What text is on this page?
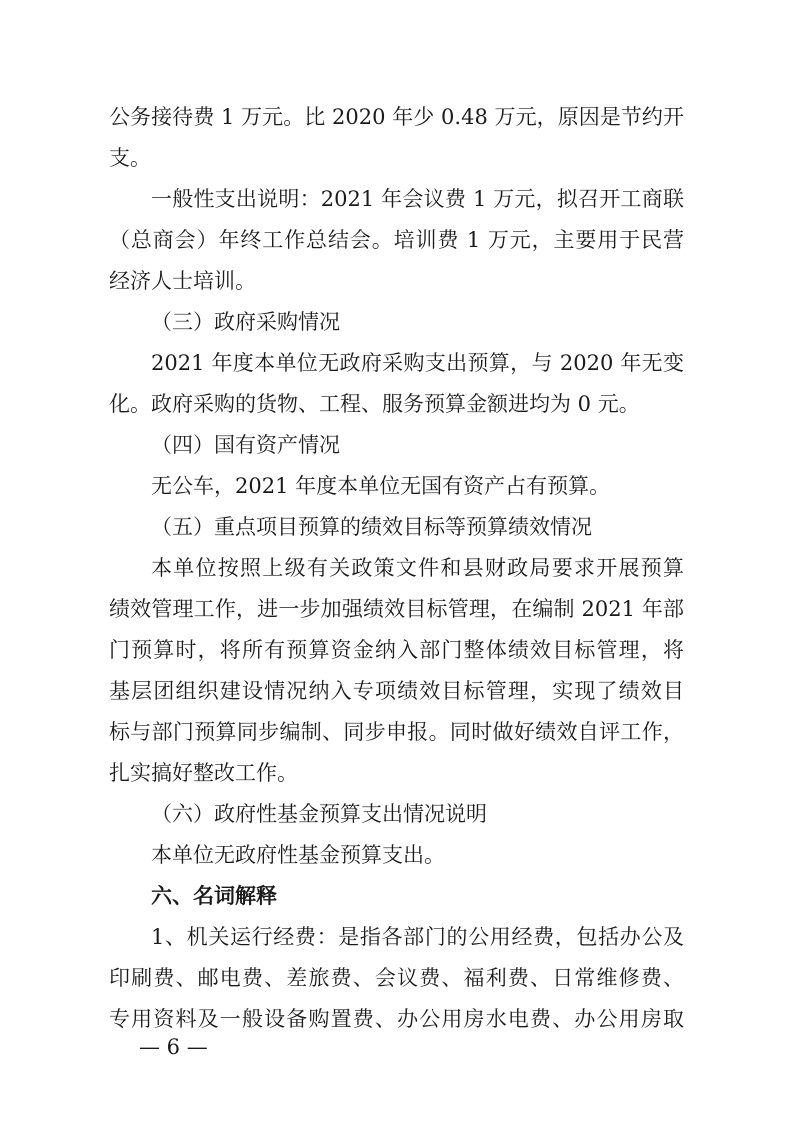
公务接待费 1 万元。比 2020 年少 0.48 万元，原因是节约开
支。
一般性支出说明：2021 年会议费 1 万元，拟召开工商联
（总商会）年终工作总结会。培训费 1 万元，主要用于民营
经济人士培训。
（三）政府采购情况
2021 年度本单位无政府采购支出预算，与 2020 年无变
化。政府采购的货物、工程、服务预算金额进均为 0 元。
（四）国有资产情况
无公车，2021 年度本单位无国有资产占有预算。
（五）重点项目预算的绩效目标等预算绩效情况
本单位按照上级有关政策文件和县财政局要求开展预算
绩效管理工作，进一步加强绩效目标管理，在编制 2021 年部
门预算时，将所有预算资金纳入部门整体绩效目标管理，将
基层团组织建设情况纳入专项绩效目标管理，实现了绩效目
标与部门预算同步编制、同步申报。同时做好绩效自评工作，
扎实搞好整改工作。
（六）政府性基金预算支出情况说明
本单位无政府性基金预算支出。
六、名词解释
1、机关运行经费：是指各部门的公用经费，包括办公及
印刷费、邮电费、差旅费、会议费、福利费、日常维修费、
专用资料及一般设备购置费、办公用房水电费、办公用房取
— 6 —
